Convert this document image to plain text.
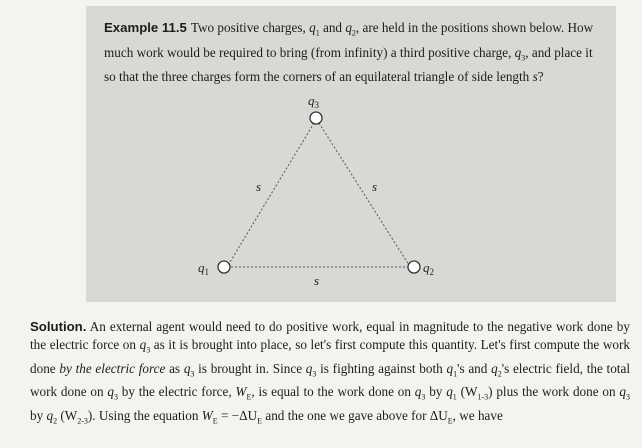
Example 11.5 Two positive charges, $q_1$ and $q_2$, are held in the positions shown below. How much work would be required to bring (from infinity) a third positive charge, $q_3$, and place it so that the three charges form the corners of an equilateral triangle of side length s?
$q_3$
$q_1$	$q_2$
s	s
s
Solution. An external agent would need to do positive work, equal in magnitude to the negative work done by the electric force on $q_3$ as it is brought into place, so let's first compute this quantity. Let's first compute the work done by the electric force as $q_3$ is brought in. Since $q_3$ is fighting against both $q_1's$ and $q_2's$ electric field, the total work done on $q_3$ by the electric force, $W_E$, is equal to the work done on $q_3$ by $q_1$ $(W_{1-3})$ plus the work done on $q_3$ by $q_2$ $(W_{2-3})$. Using the equation $W_E = -\Delta U_E$ and the one we gave above for $\Delta U_E$, we have
